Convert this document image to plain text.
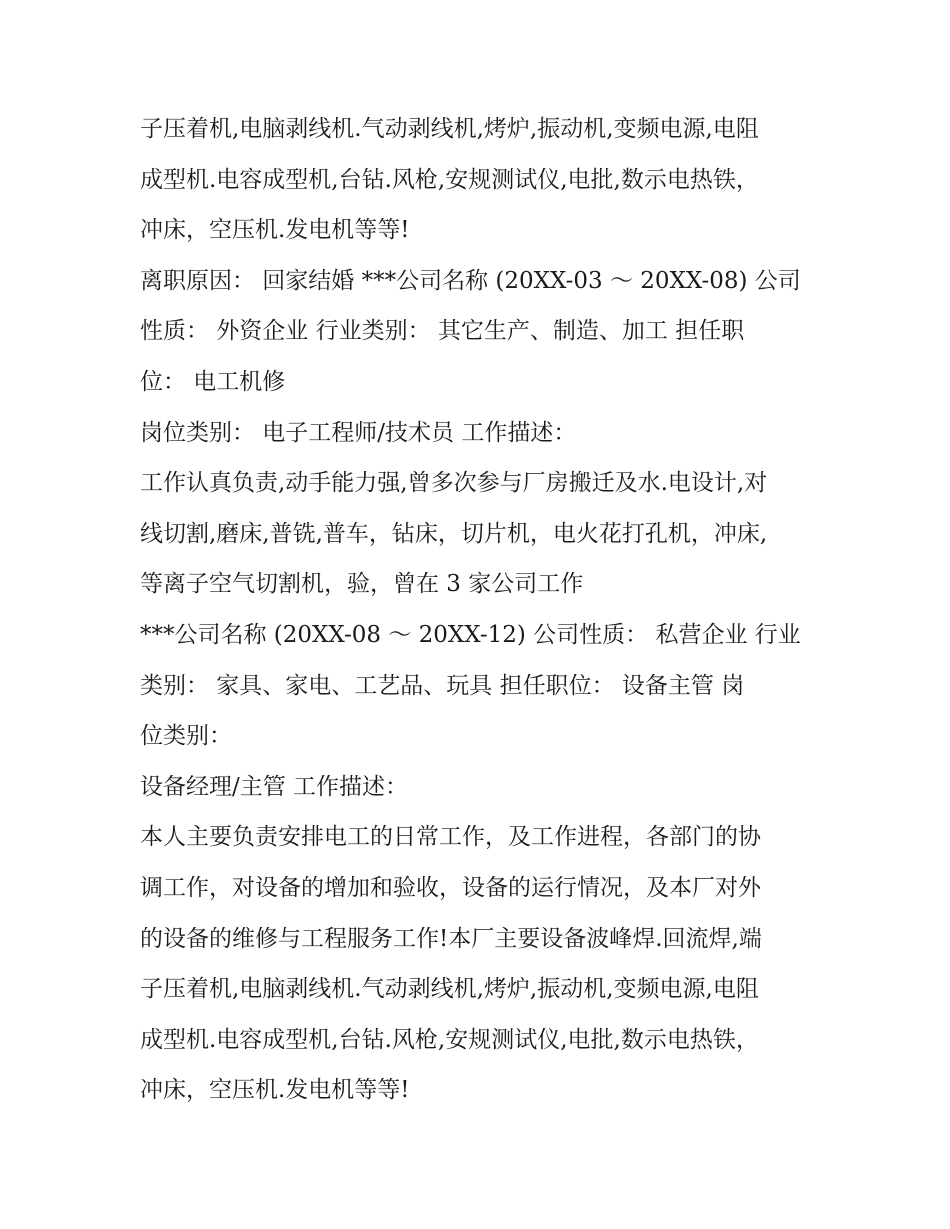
子压着机,电脑剥线机.气动剥线机,烤炉,振动机,变频电源,电阻
成型机.电容成型机,台钻.风枪,安规测试仪,电批,数示电热铁，
冲床，空压机.发电机等等!
离职原因： 回家结婚 ***公司名称 (20XX-03 ～ 20XX-08) 公司
性质： 外资企业 行业类别： 其它生产、制造、加工 担任职
位： 电工机修
岗位类别： 电子工程师/技术员 工作描述：
工作认真负责,动手能力强,曾多次参与厂房搬迁及水.电设计,对
线切割,磨床,普铣,普车，钻床，切片机，电火花打孔机，冲床,
等离子空气切割机，验，曾在 3 家公司工作
***公司名称 (20XX-08 ～ 20XX-12) 公司性质： 私营企业 行业
类别： 家具、家电、工艺品、玩具 担任职位： 设备主管 岗
位类别：
设备经理/主管 工作描述：
本人主要负责安排电工的日常工作，及工作进程，各部门的协
调工作，对设备的增加和验收，设备的运行情况，及本厂对外
的设备的维修与工程服务工作!本厂主要设备波峰焊.回流焊,端
子压着机,电脑剥线机.气动剥线机,烤炉,振动机,变频电源,电阻
成型机.电容成型机,台钻.风枪,安规测试仪,电批,数示电热铁，
冲床，空压机.发电机等等!
